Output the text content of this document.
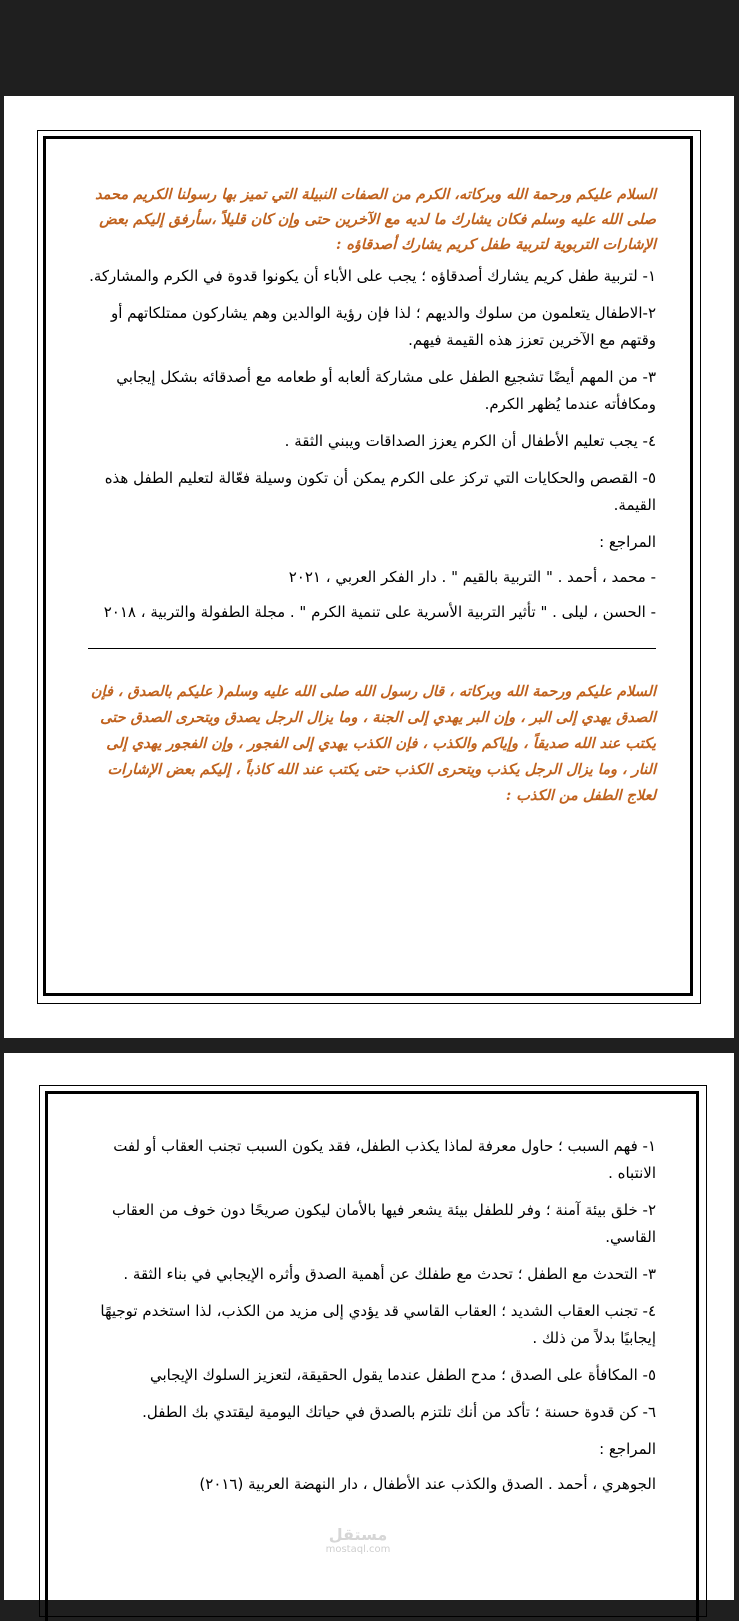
السلام عليكم ورحمة الله وبركاته، الكرم من الصفات النبيلة التي تميز بها رسولنا الكريم محمد صلى الله عليه وسلم فكان يشارك ما لديه مع الآخرين حتى وإن كان قليلاً ،سأرفق إليكم بعض الإشارات التربوية لتربية طفل كريم يشارك أصدقاؤه :

١- لتربية طفل كريم يشارك أصدقاؤه ؛ يجب على الأباء أن يكونوا قدوة في الكرم والمشاركة.

٢-الاطفال يتعلمون من سلوك والديهم ؛ لذا فإن رؤية الوالدين وهم يشاركون ممتلكاتهم أو وقتهم مع الآخرين تعزز هذه القيمة فيهم.

٣- من المهم أيضًا تشجيع الطفل على مشاركة ألعابه أو طعامه مع أصدقائه بشكل إيجابي ومكافأته عندما يُظهر الكرم.

٤- يجب تعليم الأطفال أن الكرم يعزز الصداقات ويبني الثقة .

٥- القصص والحكايات التي تركز على الكرم يمكن أن تكون وسيلة فعّالة لتعليم الطفل هذه القيمة.

المراجع :

- محمد ، أحمد . " التربية بالقيم " . دار الفكر العربي ، ٢٠٢١

- الحسن ، ليلى . " تأثير التربية الأسرية على تنمية الكرم " . مجلة الطفولة والتربية ، ٢٠١٨

السلام عليكم ورحمة الله وبركاته ، قال رسول الله صلى الله عليه وسلم( عليكم بالصدق ، فإن الصدق يهدي إلى البر ، وإن البر يهدي إلى الجنة ، وما يزال الرجل يصدق ويتحرى الصدق حتى يكتب عند الله صديقاً ، وإياكم والكذب ، فإن الكذب يهدي إلى الفجور ، وإن الفجور يهدي إلى النار ، وما يزال الرجل يكذب ويتحرى الكذب حتى يكتب عند الله كاذباً ، إليكم بعض الإشارات لعلاج الطفل من الكذب :

١- فهم السبب ؛ حاول معرفة لماذا يكذب الطفل، فقد يكون السبب تجنب العقاب أو لفت الانتباه .

٢- خلق بيئة آمنة ؛ وفر للطفل بيئة يشعر فيها بالأمان ليكون صريحًا دون خوف من العقاب القاسي.

٣- التحدث مع الطفل ؛ تحدث مع طفلك عن أهمية الصدق وأثره الإيجابي في بناء الثقة .

٤- تجنب العقاب الشديد ؛ العقاب القاسي قد يؤدي إلى مزيد من الكذب، لذا استخدم توجيهًا إيجابيًا بدلاً من ذلك .

٥- المكافأة على الصدق ؛ مدح الطفل عندما يقول الحقيقة، لتعزيز السلوك الإيجابي

٦- كن قدوة حسنة ؛ تأكد من أنك تلتزم بالصدق في حياتك اليومية ليقتدي بك الطفل.

المراجع :

الجوهري ، أحمد . الصدق والكذب عند الأطفال ، دار النهضة العربية (٢٠١٦)

مستقل
mostaql.com
